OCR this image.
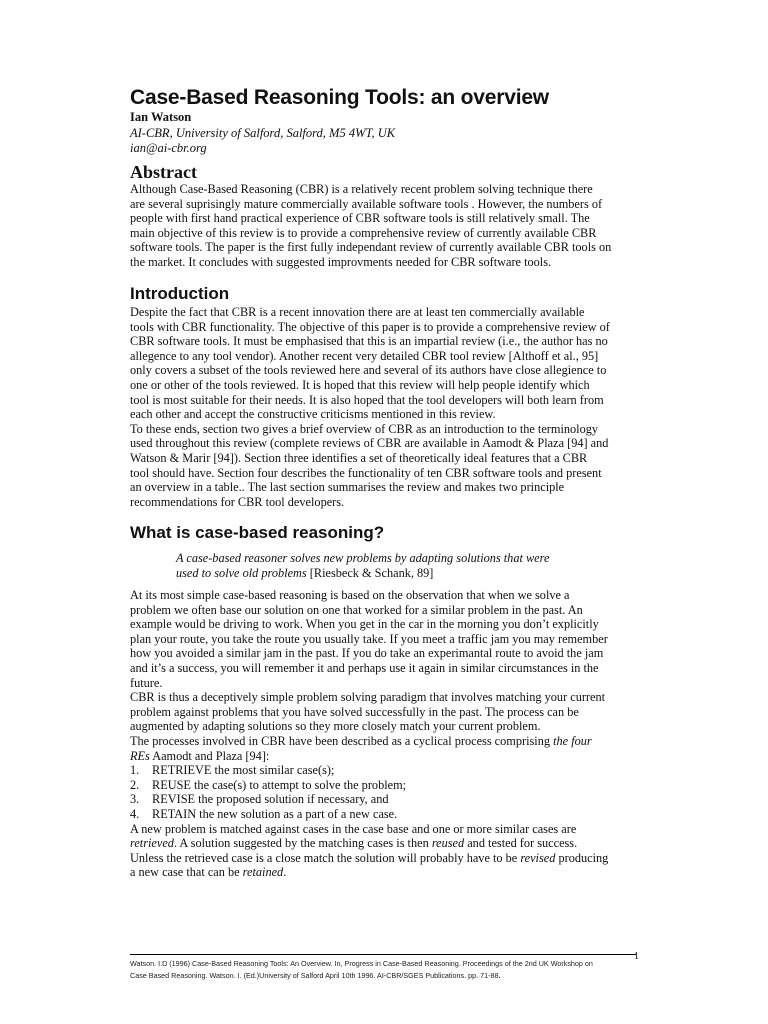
Case-Based Reasoning Tools: an overview
Ian Watson
AI-CBR, University of Salford, Salford, M5 4WT, UK
ian@ai-cbr.org
Abstract

Although Case-Based Reasoning (CBR) is a relatively recent problem solving technique there

are several suprisingly mature commercially available software tools . However, the numbers of

people with first hand practical experience of CBR software tools is still relatively small. The

main objective of this review is to provide a comprehensive review of currently available CBR

software tools. The paper is the first fully independant review of currently available CBR tools on

the market. It concludes with suggested improvments needed for CBR software tools.

Introduction

Despite the fact that CBR is a recent innovation there are at least ten commercially available

tools with CBR functionality. The objective of this paper is to provide a comprehensive review of

CBR software tools. It must be emphasised that this is an impartial review (i.e., the author has no

allegence to any tool vendor). Another recent very detailed CBR tool review [Althoff et al., 95]

only covers a subset of the tools reviewed here and several of its authors have close allegience to

one or other of the tools reviewed. It is hoped that this review will help people identify which

tool is most suitable for their needs. It is also hoped that the tool developers will both learn from

each other and accept the constructive criticisms mentioned in this review.

To these ends, section two gives a brief overview of CBR as an introduction to the terminology

used throughout this review (complete reviews of CBR are available in Aamodt & Plaza [94] and

Watson & Marir [94]). Section three identifies a set of theoretically ideal features that a CBR

tool should have. Section four describes the functionality of ten CBR software tools and present

an overview in a table.. The last section summarises the review and makes two principle

recommendations for CBR tool developers.

What is case-based reasoning?

A case-based reasoner solves new problems by adapting solutions that were

used to solve old problems [Riesbeck & Schank, 89]

At its most simple case-based reasoning is based on the observation that when we solve a

problem we often base our solution on one that worked for a similar problem in the past. An

example would be driving to work. When you get in the car in the morning you don’t explicitly

plan your route, you take the route you usually take. If you meet a traffic jam you may remember

how you avoided a similar jam in the past. If you do take an experimantal route to avoid the jam

and it’s a success, you will remember it and perhaps use it again in similar circumstances in the

future.

CBR is thus a deceptively simple problem solving paradigm that involves matching your current

problem against problems that you have solved successfully in the past. The process can be

augmented by adapting solutions so they more closely match your current problem.

The processes involved in CBR have been described as a cyclical process comprising the four

REs Aamodt and Plaza [94]:

1. RETRIEVE the most similar case(s);

2. REUSE the case(s) to attempt to solve the problem;

3. REVISE the proposed solution if necessary, and

4. RETAIN the new solution as a part of a new case.

A new problem is matched against cases in the case base and one or more similar cases are

retrieved. A solution suggested by the matching cases is then reused and tested for success.

Unless the retrieved case is a close match the solution will probably have to be revised producing

a new case that can be retained.

1

Watson. I.D (1996) Case-Based Reasoning Tools: An Overview. In, Progress in Case-Based Reasoning. Proceedings of the 2nd UK Workshop on

Case Based Reasoning. Watson. I. (Ed.)University of Salford April 10th 1996. AI-CBR/SGES Publications. pp. 71-88.
